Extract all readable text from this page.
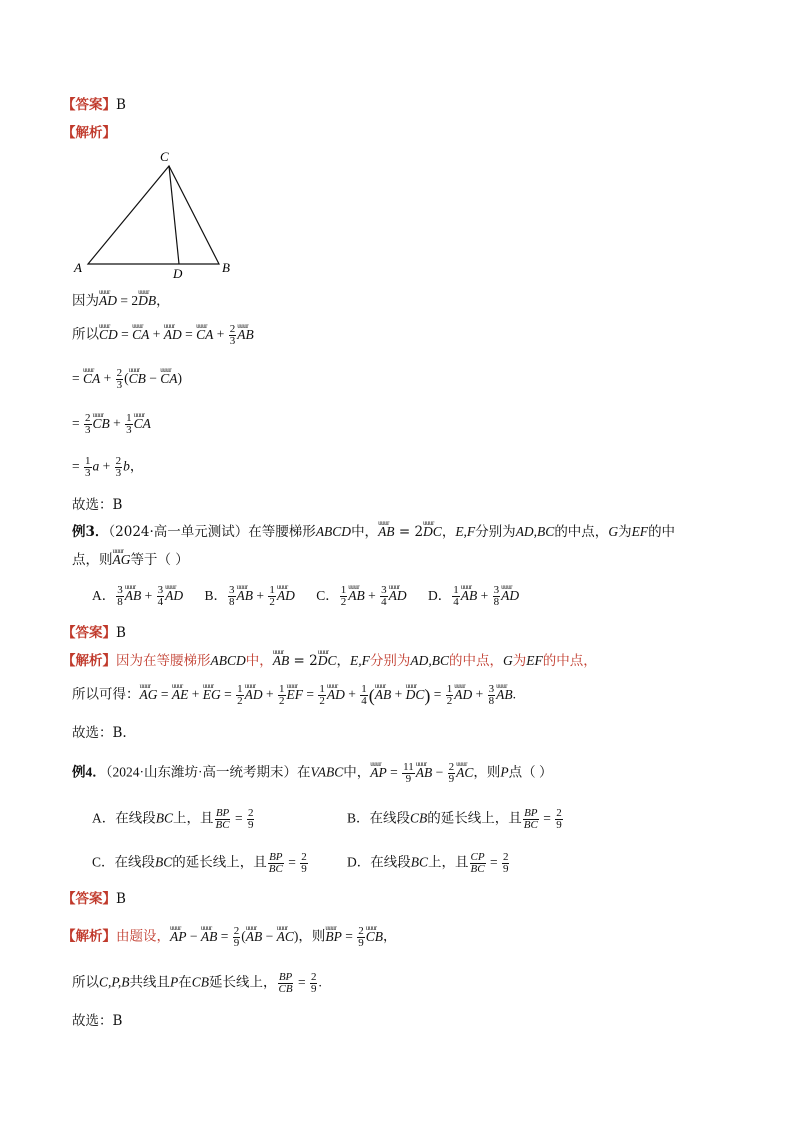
【答案】B
【解析】
C
A	D	B
因为uuur AD = 2uuur DB，
所以uuur CD = uuur CA + uuur AD = uuur CA + $\frac{2}{3}$ uuur AB
= uuur CA + $\frac{2}{3}$ (uuur CB − uuur CA)
= $\frac{2}{3}$ uuur CB + $\frac{1}{3}$ uuur CA
= $\frac{1}{3}$ $a + \frac{2}{3}$ b，
故选：B
例3．（2024·高一单元测试）在等腰梯形ABCD中，uuur AB = 2uuur DC，E,F分别为AD,BC的中点，G为EF的中
点，则uuur AG等于（ ）
A． $\frac{3}{8}$ uuur AB + $\frac{3}{4}$ uuur AD B． $\frac{3}{8}$ uuur AB + $\frac{1}{2}$ uuur AD C． $\frac{1}{2}$ uuur AB + $\frac{3}{4}$ uuur AD D． $\frac{1}{4}$ uuur AB + $\frac{3}{8}$ uuur AD
【答案】B
【解析】因为在等腰梯形ABCD中，uuur AB = 2uuur DC，E,F分别为AD,BC的中点，G为EF的中点，
所以可得：uuur AG = uuur AE + uuur EG = $\frac{1}{2}$ uuur AD + $\frac{1}{2}$ uuur EF = $\frac{1}{2}$ uuur AD + $\frac{1}{4}$ (uuur AB + uuur $DC) = \frac{1}{2}$ uuur AD + $\frac{3}{8}$ uuur AB.
故选：B.
例4．（2024·山东潍坊·高一统考期末）在VABC中，uuur AP = $\frac{11}{9}$ uuur AB − $\frac{2}{9}$ uuur AC，则P点（ ）
A．在线段BC上，且 $\frac{BP}{BC} = \frac{2}{9}$	B．在线段CB的延长线上，且 $\frac{BP}{BC} = \frac{2}{9}$
C．在线段BC的延长线上，且 $\frac{BP}{BC} = \frac{2}{9}$	D．在线段BC上，且 $\frac{CP}{BC} = \frac{2}{9}$
【答案】B
【解析】由题设，uuur AP − uuur AB = $\frac{2}{9}$ (uuur AB − uuur AC)，则uuur BP = $\frac{2}{9}$ uuur CB，
所以C,P,B共线且P在CB延长线上， $\frac{BP}{CB} = \frac{2}{9}$ .
故选：B
